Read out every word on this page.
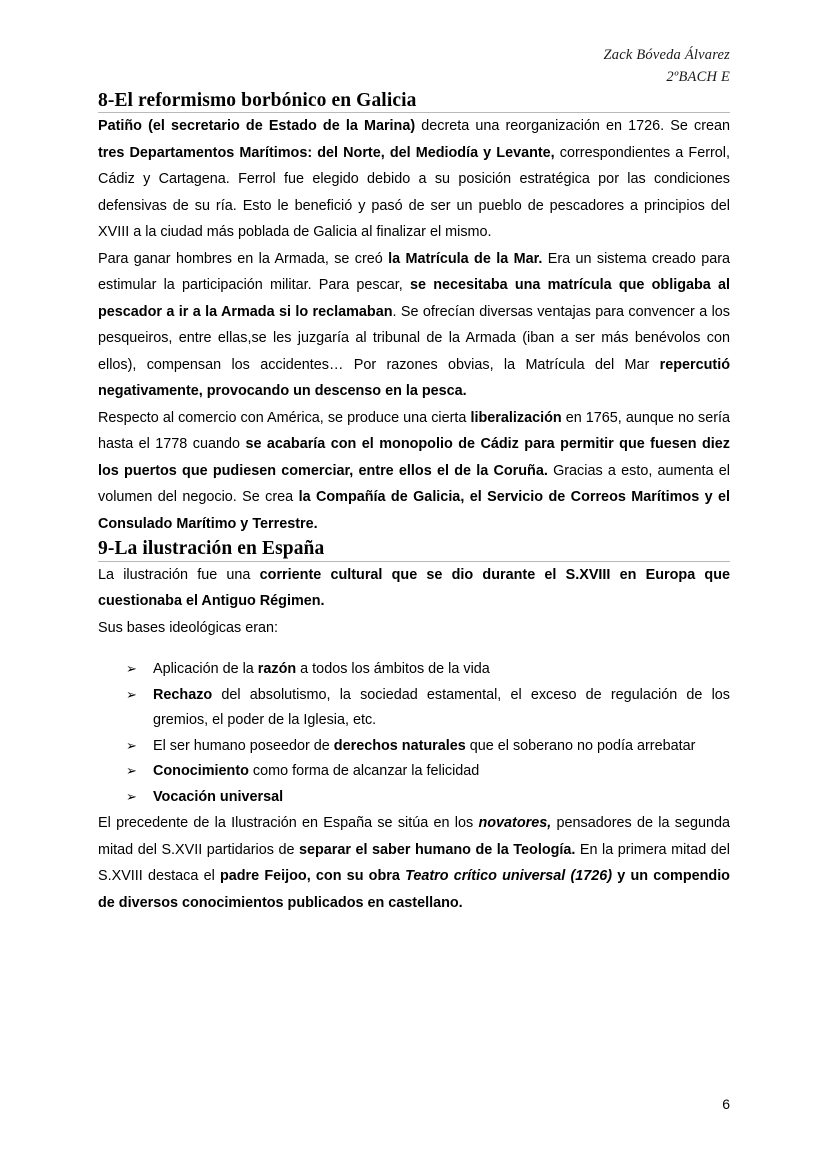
Zack Bóveda Álvarez
2ºBACH E
8-El reformismo borbónico en Galicia

Patiño (el secretario de Estado de la Marina) decreta una reorganización en 1726. Se crean tres Departamentos Marítimos: del Norte, del Mediodía y Levante, correspondientes a Ferrol, Cádiz y Cartagena. Ferrol fue elegido debido a su posición estratégica por las condiciones defensivas de su ría. Esto le benefició y pasó de ser un pueblo de pescadores a principios del XVIII a la ciudad más poblada de Galicia al finalizar el mismo.

Para ganar hombres en la Armada, se creó la Matrícula de la Mar. Era un sistema creado para estimular la participación militar. Para pescar, se necesitaba una matrícula que obligaba al pescador a ir a la Armada si lo reclamaban. Se ofrecían diversas ventajas para convencer a los pesqueiros, entre ellas,se les juzgaría al tribunal de la Armada (iban a ser más benévolos con ellos), compensan los accidentes… Por razones obvias, la Matrícula del Mar repercutió negativamente, provocando un descenso en la pesca.

Respecto al comercio con América, se produce una cierta liberalización en 1765, aunque no sería hasta el 1778 cuando se acabaría con el monopolio de Cádiz para permitir que fuesen diez los puertos que pudiesen comerciar, entre ellos el de la Coruña. Gracias a esto, aumenta el volumen del negocio. Se crea la Compañía de Galicia, el Servicio de Correos Marítimos y el Consulado Marítimo y Terrestre.

9-La ilustración en España

La ilustración fue una corriente cultural que se dio durante el S.XVIII en Europa que cuestionaba el Antiguo Régimen.

Sus bases ideológicas eran:

➢	Aplicación de la razón a todos los ámbitos de la vida
➢	Rechazo del absolutismo, la sociedad estamental, el exceso de regulación de los gremios, el poder de la Iglesia, etc.
➢	El ser humano poseedor de derechos naturales que el soberano no podía arrebatar
➢	Conocimiento como forma de alcanzar la felicidad
➢	Vocación universal

El precedente de la Ilustración en España se sitúa en los novatores, pensadores de la segunda mitad del S.XVII partidarios de separar el saber humano de la Teología. En la primera mitad del S.XVIII destaca el padre Feijoo, con su obra Teatro crítico universal (1726) y un compendio de diversos conocimientos publicados en castellano.

6
